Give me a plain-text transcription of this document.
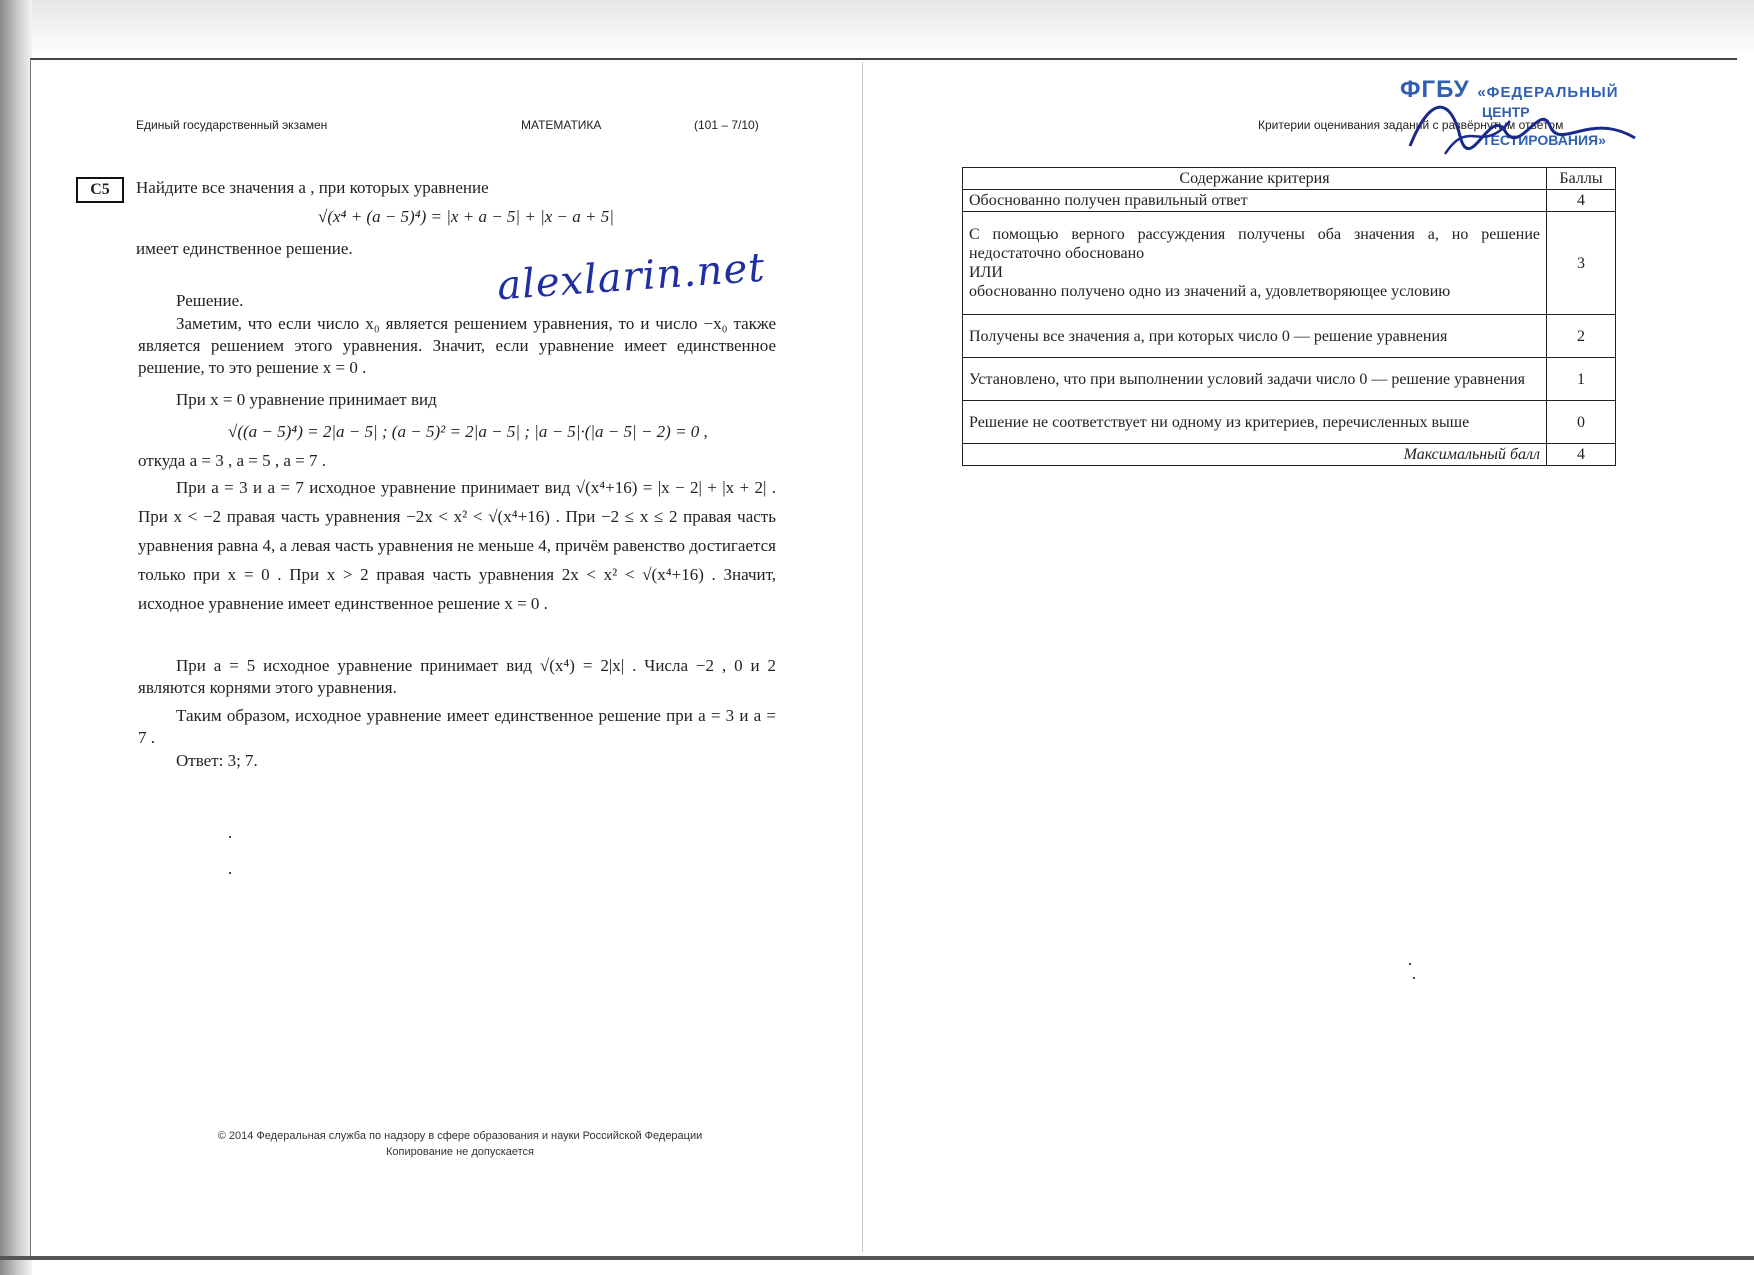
Единый государственный экзамен	МАТЕМАТИКА	(101 – 7/10)
С5	Найдите все значения a , при которых уравнение
√(x⁴ + (a − 5)⁴) = |x + a − 5| + |x − a + 5|
имеет единственное решение.	alexlarin.net
Решение.
Заметим, что если число x₀ является решением уравнения, то и число −x₀ также является решением этого уравнения. Значит, если уравнение имеет единственное решение, то это решение x = 0 .
При x = 0 уравнение принимает вид
√((a − 5)⁴) = 2|a − 5| ; (a − 5)² = 2|a − 5| ; |a − 5|·(|a − 5| − 2) = 0 ,
откуда a = 3 , a = 5 , a = 7 .
При a = 3 и a = 7 исходное уравнение принимает вид √(x⁴+16) = |x − 2| + |x + 2| . При x < −2 правая часть уравнения −2x < x² < √(x⁴+16) . При −2 ≤ x ≤ 2 правая часть уравнения равна 4, а левая часть уравнения не меньше 4, причём равенство достигается только при x = 0 . При x > 2 правая часть уравнения 2x < x² < √(x⁴+16) . Значит, исходное уравнение имеет единственное решение x = 0 .
При a = 5 исходное уравнение принимает вид √(x⁴) = 2|x| . Числа −2 , 0 и 2 являются корнями этого уравнения.
Таким образом, исходное уравнение имеет единственное решение при a = 3 и a = 7 .
Ответ: 3; 7.
© 2014 Федеральная служба по надзору в сфере образования и науки Российской Федерации
Копирование не допускается
Критерии оценивания заданий с развёрнутым ответом
ФГБУ «ФЕДЕРАЛЬНЫЙ
ЦЕНТР
ТЕСТИРОВАНИЯ»
Содержание критерия	Баллы
Обоснованно получен правильный ответ	4
С помощью верного рассуждения получены оба значения a, но решение недостаточно обосновано
ИЛИ
обоснованно получено одно из значений a, удовлетворяющее условию	3
Получены все значения a, при которых число 0 — решение уравнения	2
Установлено, что при выполнении условий задачи число 0 — решение уравнения	1
Решение не соответствует ни одному из критериев, перечисленных выше	0
Максимальный балл	4
